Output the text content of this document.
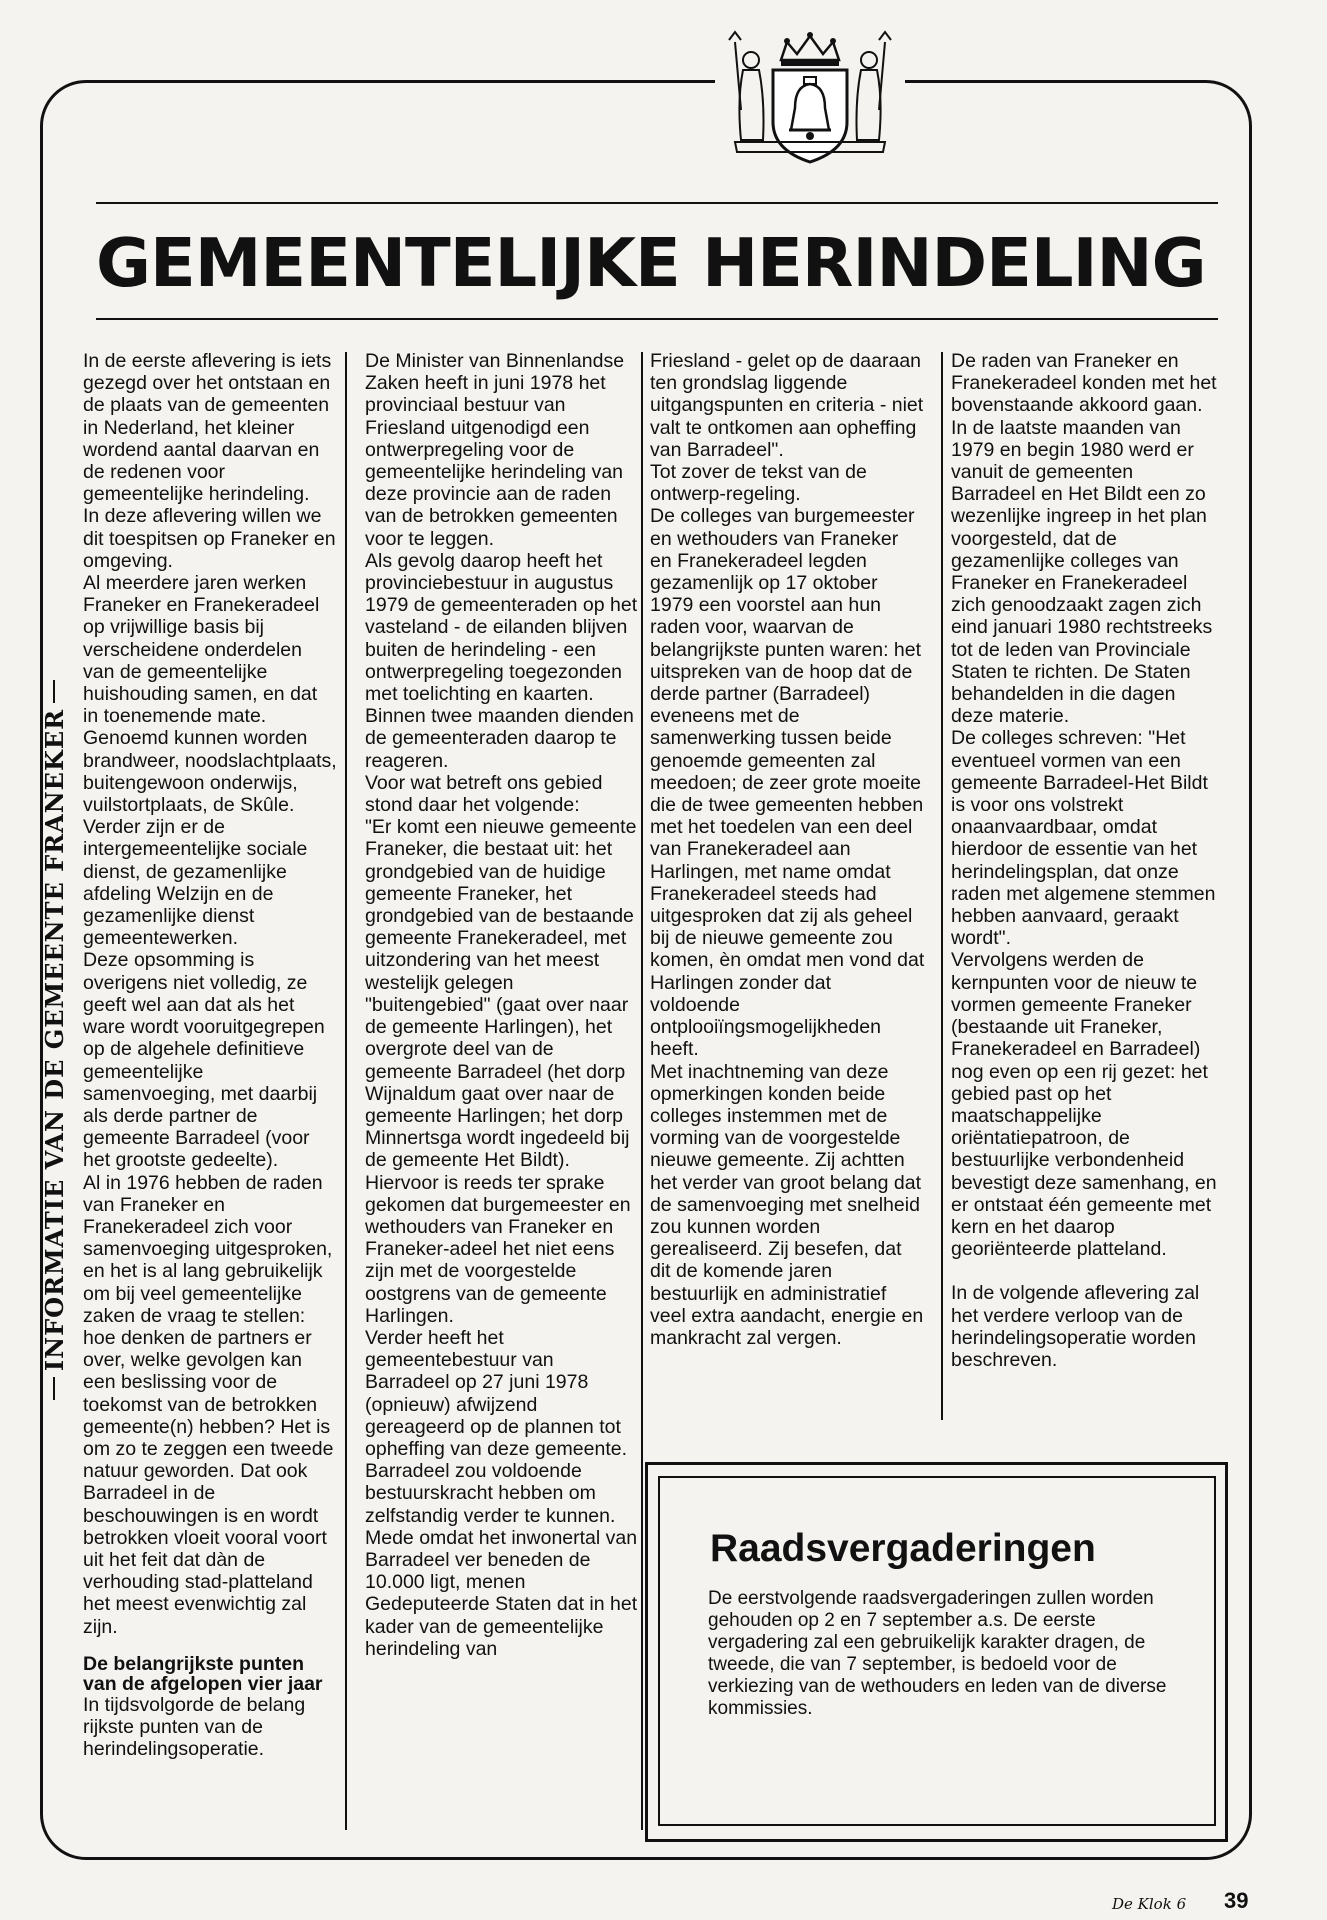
GEMEENTELIJKE HERINDELING
INFORMATIE VAN DE GEMEENTE FRANEKER

In de eerste aflevering is iets gezegd over het ontstaan en de plaats van de gemeenten in Nederland, het kleiner wordend aantal daarvan en de redenen voor gemeentelijke herindeling.

In deze aflevering willen we dit toespitsen op Franeker en omgeving.

Al meerdere jaren werken Franeker en Franekeradeel op vrijwillige basis bij verscheidene onderdelen van de gemeentelijke huishouding samen, en dat in toenemende mate. Genoemd kunnen worden brandweer, noodslachtplaats, buitengewoon onderwijs, vuilstortplaats, de Skûle. Verder zijn er de intergemeentelijke sociale dienst, de gezamenlijke afdeling Welzijn en de gezamenlijke dienst gemeentewerken.

Deze opsomming is overigens niet volledig, ze geeft wel aan dat als het ware wordt vooruitgegrepen op de algehele definitieve gemeentelijke samenvoeging, met daarbij als derde partner de gemeente Barradeel (voor het grootste gedeelte).

Al in 1976 hebben de raden van Franeker en Franekeradeel zich voor samenvoeging uitgesproken, en het is al lang gebruikelijk om bij veel gemeentelijke zaken de vraag te stellen: hoe denken de partners er over, welke gevolgen kan een beslissing voor de toekomst van de betrokken gemeente(n) hebben? Het is om zo te zeggen een tweede natuur geworden. Dat ook Barradeel in de beschouwingen is en wordt betrokken vloeit vooral voort uit het feit dat dàn de verhouding stad-platteland het meest evenwichtig zal zijn.

De belangrijkste punten van de afgelopen vier jaar

In tijdsvolgorde de belang rijkste punten van de herindelingsoperatie.

De Minister van Binnenlandse Zaken heeft in juni 1978 het provinciaal bestuur van Friesland uitgenodigd een ontwerpregeling voor de gemeentelijke herindeling van deze provincie aan de raden van de betrokken gemeenten voor te leggen.

Als gevolg daarop heeft het provinciebestuur in augustus 1979 de gemeenteraden op het vasteland - de eilanden blijven buiten de herindeling - een ontwerpregeling toegezonden met toelichting en kaarten.

Binnen twee maanden dienden de gemeenteraden daarop te reageren.

Voor wat betreft ons gebied stond daar het volgende:

"Er komt een nieuwe gemeente Franeker, die bestaat uit: het grondgebied van de huidige gemeente Franeker, het grondgebied van de bestaande gemeente Franekeradeel, met uitzondering van het meest westelijk gelegen "buitengebied" (gaat over naar de gemeente Harlingen), het overgrote deel van de gemeente Barradeel (het dorp Wijnaldum gaat over naar de gemeente Harlingen; het dorp Minnertsga wordt ingedeeld bij de gemeente Het Bildt).

Hiervoor is reeds ter sprake gekomen dat burgemeester en wethouders van Franeker en Franeker-adeel het niet eens zijn met de voorgestelde oostgrens van de gemeente Harlingen.

Verder heeft het gemeentebestuur van Barradeel op 27 juni 1978 (opnieuw) afwijzend gereageerd op de plannen tot opheffing van deze gemeente. Barradeel zou voldoende bestuurskracht hebben om zelfstandig verder te kunnen. Mede omdat het inwonertal van Barradeel ver beneden de 10.000 ligt, menen Gedeputeerde Staten dat in het kader van de gemeentelijke herindeling van

Friesland - gelet op de daaraan ten grondslag liggende uitgangspunten en criteria - niet valt te ontkomen aan opheffing van Barradeel".

Tot zover de tekst van de ontwerp-regeling.

De colleges van burgemeester en wethouders van Franeker en Franekeradeel legden gezamenlijk op 17 oktober 1979 een voorstel aan hun raden voor, waarvan de belangrijkste punten waren: het uitspreken van de hoop dat de derde partner (Barradeel) eveneens met de samenwerking tussen beide genoemde gemeenten zal meedoen; de zeer grote moeite die de twee gemeenten hebben met het toedelen van een deel van Franekeradeel aan Harlingen, met name omdat Franekeradeel steeds had uitgesproken dat zij als geheel bij de nieuwe gemeente zou komen, èn omdat men vond dat Harlingen zonder dat voldoende ontplooiïngsmogelijkheden heeft.

Met inachtneming van deze opmerkingen konden beide colleges instemmen met de vorming van de voorgestelde nieuwe gemeente. Zij achtten het verder van groot belang dat de samenvoeging met snelheid zou kunnen worden gerealiseerd. Zij besefen, dat dit de komende jaren bestuurlijk en administratief veel extra aandacht, energie en mankracht zal vergen.

De raden van Franeker en Franekeradeel konden met het bovenstaande akkoord gaan.

In de laatste maanden van 1979 en begin 1980 werd er vanuit de gemeenten Barradeel en Het Bildt een zo wezenlijke ingreep in het plan voorgesteld, dat de gezamenlijke colleges van Franeker en Franekeradeel zich genoodzaakt zagen zich eind januari 1980 rechtstreeks tot de leden van Provinciale Staten te richten. De Staten behandelden in die dagen deze materie.

De colleges schreven: "Het eventueel vormen van een gemeente Barradeel-Het Bildt is voor ons volstrekt onaanvaardbaar, omdat hierdoor de essentie van het herindelingsplan, dat onze raden met algemene stemmen hebben aanvaard, geraakt wordt".

Vervolgens werden de kernpunten voor de nieuw te vormen gemeente Franeker (bestaande uit Franeker, Franekeradeel en Barradeel) nog even op een rij gezet: het gebied past op het maatschappelijke oriëntatiepatroon, de bestuurlijke verbondenheid bevestigt deze samenhang, en er ontstaat één gemeente met kern en het daarop georiënteerde platteland.

In de volgende aflevering zal het verdere verloop van de herindelingsoperatie worden beschreven.

Raadsvergaderingen

De eerstvolgende raadsvergaderingen zullen worden gehouden op 2 en 7 september a.s. De eerste vergadering zal een gebruikelijk karakter dragen, de tweede, die van 7 september, is bedoeld voor de verkiezing van de wethouders en leden van de diverse kommissies.

De Klok 6 39
